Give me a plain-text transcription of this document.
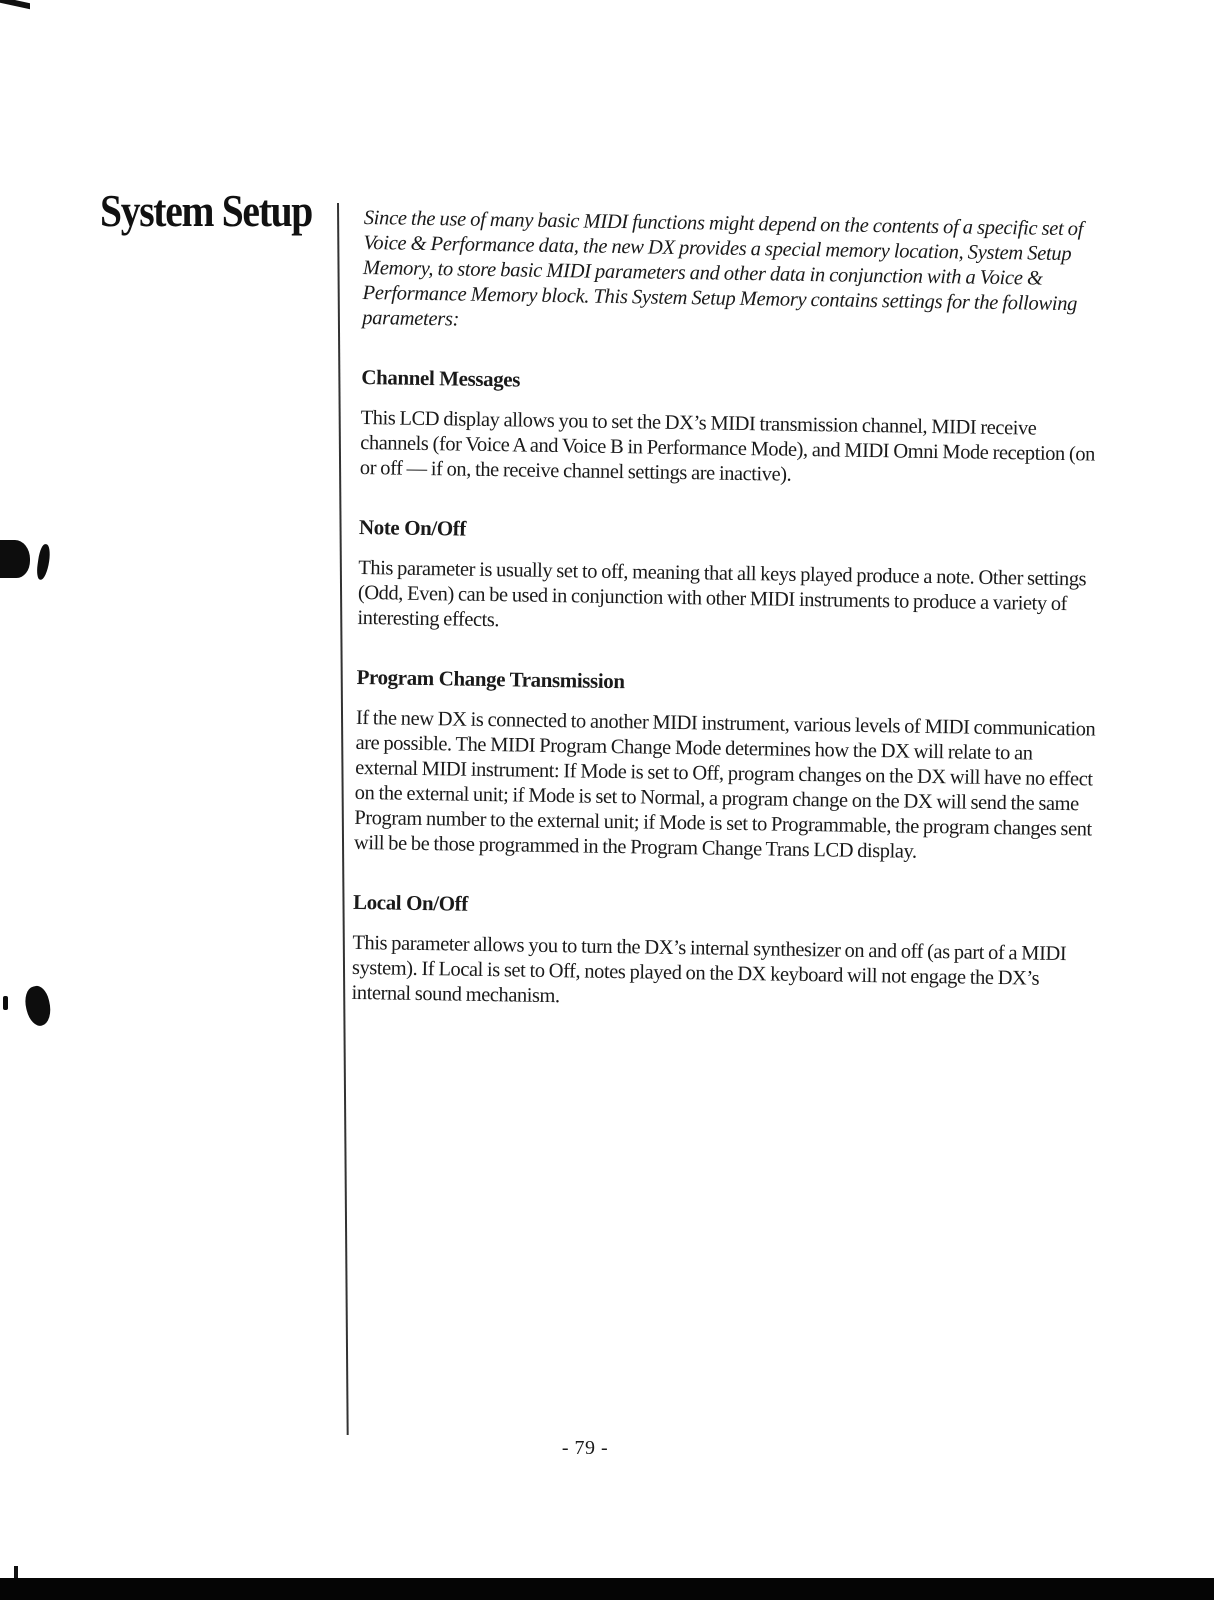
System Setup	Since the use of many basic MIDI functions might depend on the contents of a specific set of Voice & Performance data, the new DX provides a special memory location, System Setup Memory, to store basic MIDI parameters and other data in conjunction with a Voice & Performance Memory block. This System Setup Memory contains settings for the following parameters:

Channel Messages

This LCD display allows you to set the DX’s MIDI transmission channel, MIDI receive channels (for Voice A and Voice B in Performance Mode), and MIDI Omni Mode reception (on or off — if on, the receive channel settings are inactive).

Note On/Off

This parameter is usually set to off, meaning that all keys played produce a note. Other settings (Odd, Even) can be used in conjunction with other MIDI instruments to produce a variety of interesting effects.

Program Change Transmission

If the new DX is connected to another MIDI instrument, various levels of MIDI communication are possible. The MIDI Program Change Mode determines how the DX will relate to an external MIDI instrument: If Mode is set to Off, program changes on the DX will have no effect on the external unit; if Mode is set to Normal, a program change on the DX will send the same Program number to the external unit; if Mode is set to Programmable, the program changes sent will be be those programmed in the Program Change Trans LCD display.

Local On/Off

This parameter allows you to turn the DX’s internal synthesizer on and off (as part of a MIDI system). If Local is set to Off, notes played on the DX keyboard will not engage the DX’s internal sound mechanism.

- 79 -
